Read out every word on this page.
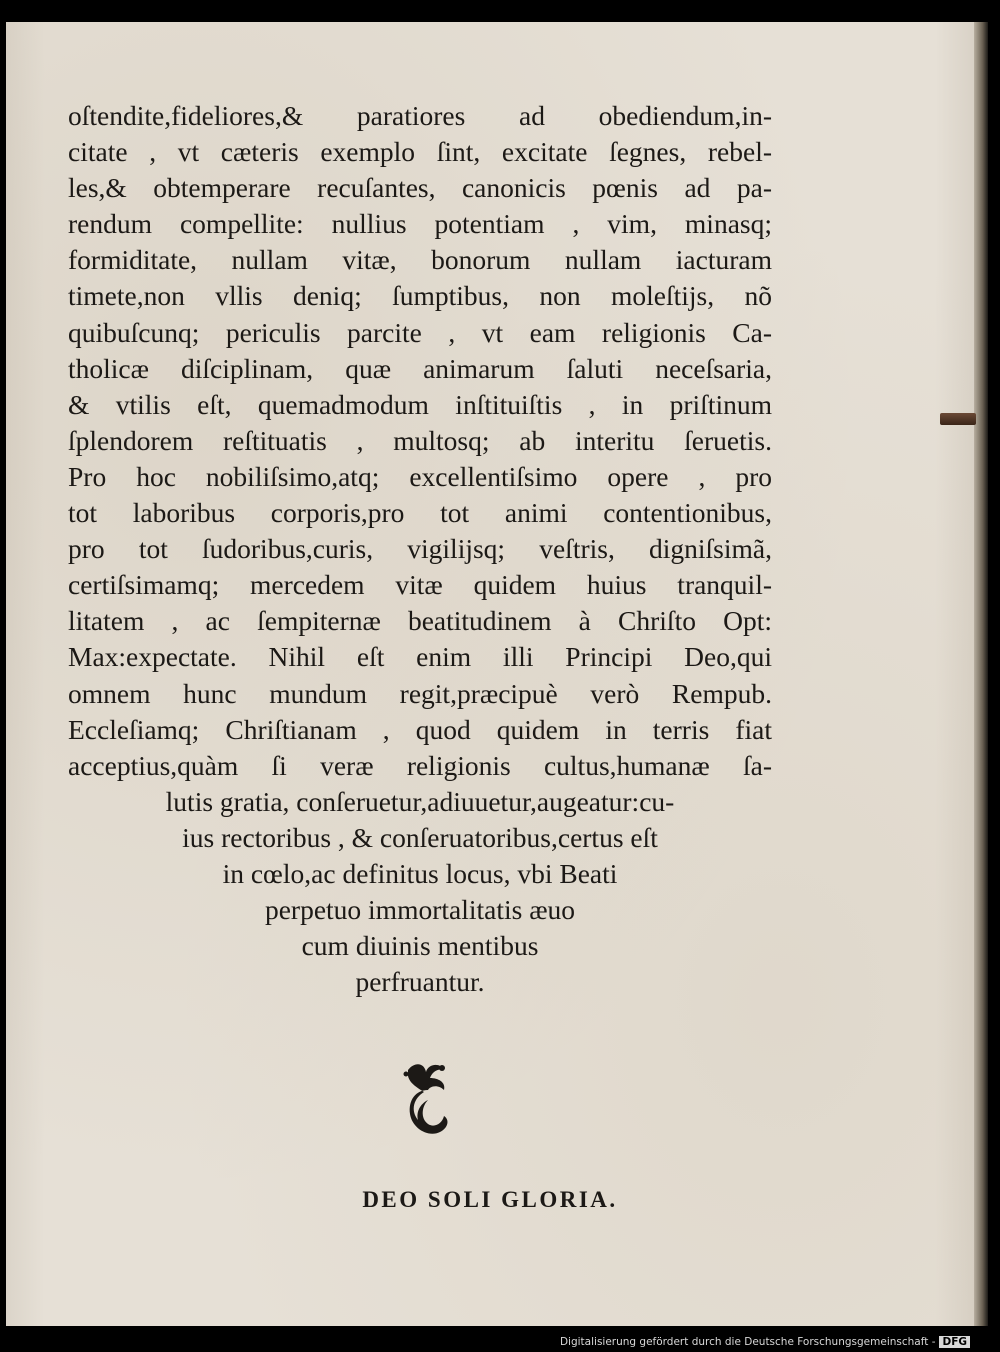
oſtendite,fideliores,& paratiores ad obediendum,in-
citate , vt cæteris exemplo ſint, excitate ſegnes, rebel-
les,& obtemperare recuſantes, canonicis pœnis ad pa-
rendum compellite: nullius potentiam , vim, minasq;
formiditate, nullam vitæ, bonorum nullam iacturam
timete,non vllis deniq; ſumptibus, non moleſtijs, nõ
quibuſcunq; periculis parcite , vt eam religionis Ca-
tholicæ diſciplinam, quæ animarum ſaluti neceſsaria,
& vtilis eſt, quemadmodum inſtituiſtis , in priſtinum
ſplendorem reſtituatis , multosq; ab interitu ſeruetis.
Pro hoc nobiliſsimo,atq; excellentiſsimo opere , pro
tot laboribus corporis,pro tot animi contentionibus,
pro tot ſudoribus,curis, vigilijsq; veſtris, digniſsimã,
certiſsimamq; mercedem vitæ quidem huius tranquil-
litatem , ac ſempiternæ beatitudinem à Chriſto Opt:
Max:expectate. Nihil eſt enim illi Principi Deo,qui
omnem hunc mundum regit,præcipuè verò Rempub.
Eccleſiamq; Chriſtianam , quod quidem in terris fiat
acceptius,quàm ſi veræ religionis cultus,humanæ ſa-
lutis gratia, conſeruetur,adiuuetur,augeatur:cu-
ius rectoribus , & conſeruatoribus,certus eſt
in cœlo,ac definitus locus, vbi Beati
perpetuo immortalitatis æuo
cum diuinis mentibus
perfruantur.
DEO SOLI GLORIA.
Digitalisierung gefördert durch die Deutsche Forschungsgemeinschaft - DFG
